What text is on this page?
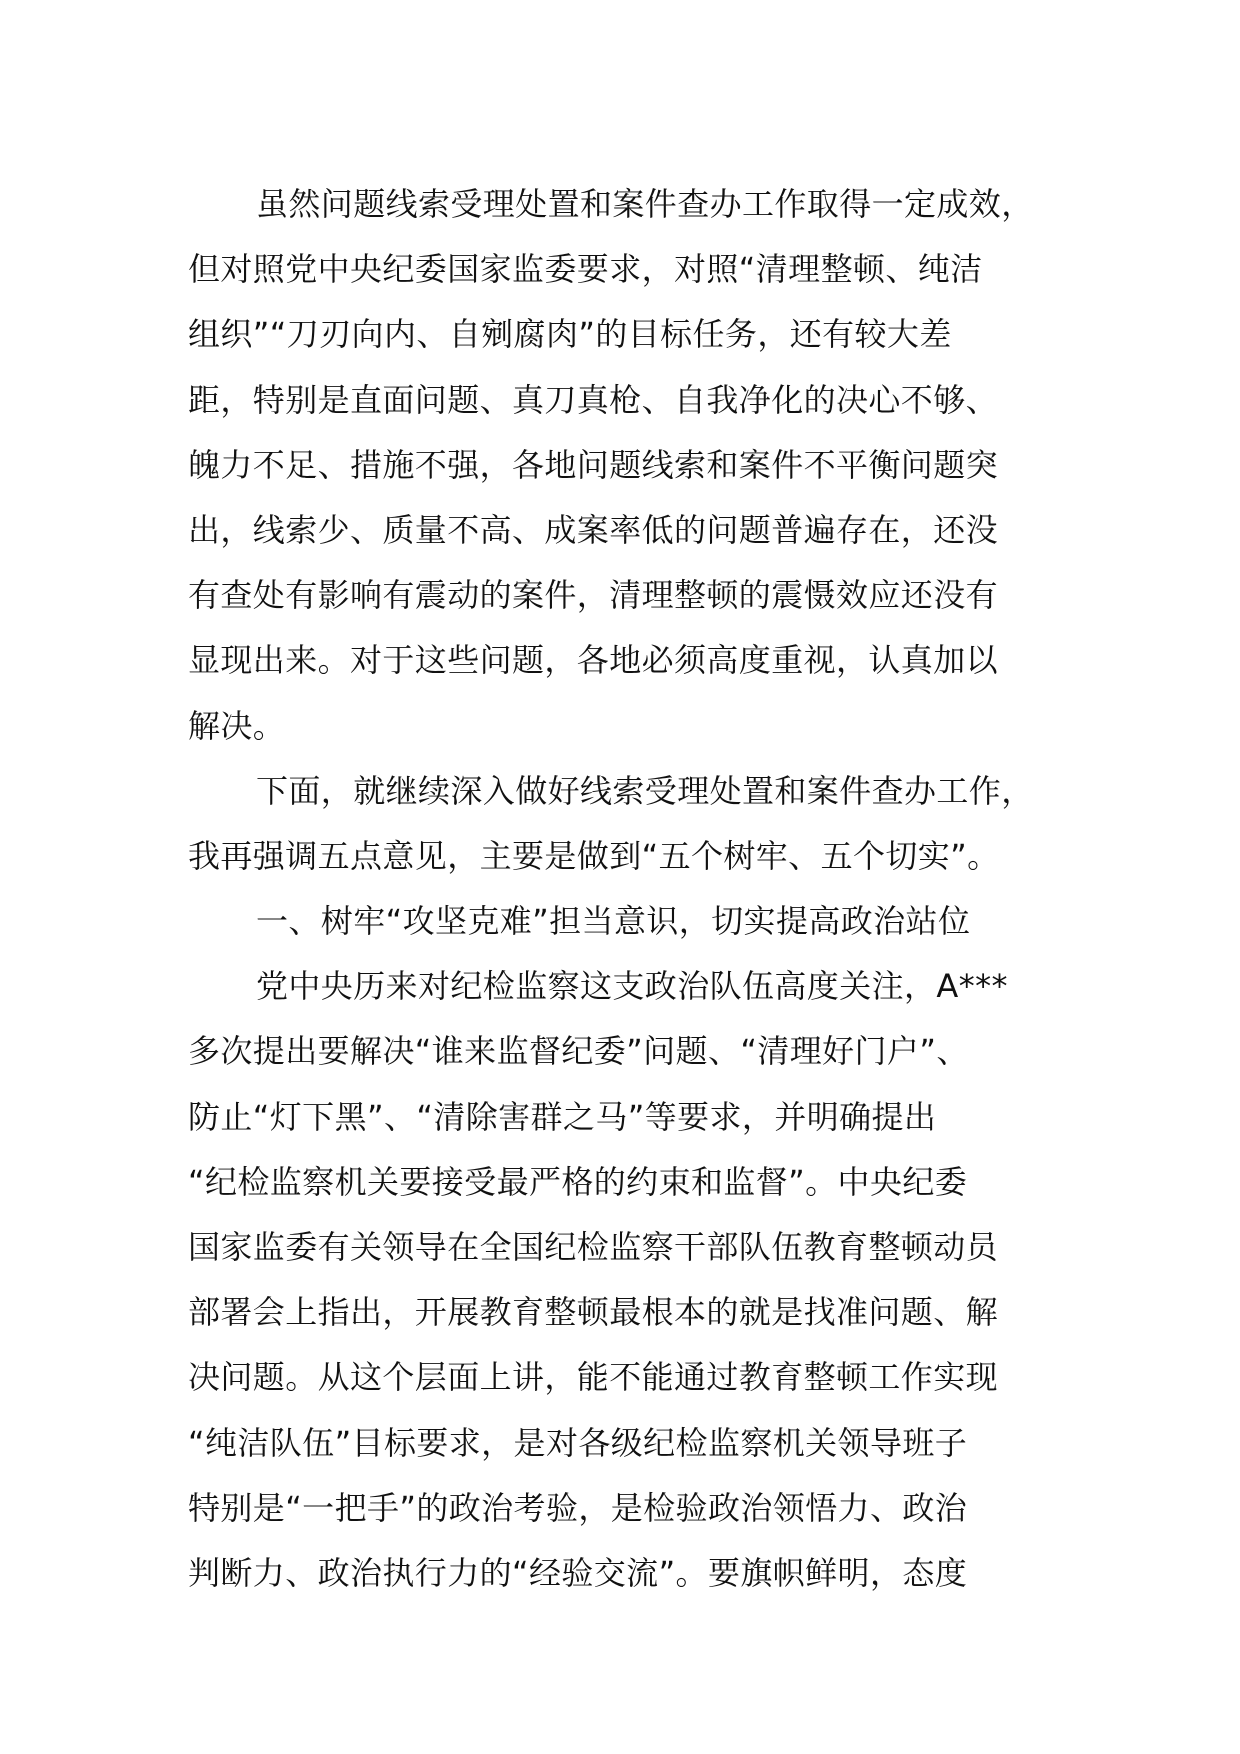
虽然问题线索受理处置和案件查办工作取得一定成效，
但对照党中央纪委国家监委要求，对照“清理整顿、纯洁
组织”“刀刃向内、自剜腐肉”的目标任务，还有较大差
距，特别是直面问题、真刀真枪、自我净化的决心不够、
魄力不足、措施不强，各地问题线索和案件不平衡问题突
出，线索少、质量不高、成案率低的问题普遍存在，还没
有查处有影响有震动的案件，清理整顿的震慑效应还没有
显现出来。对于这些问题，各地必须高度重视，认真加以
解决。
下面，就继续深入做好线索受理处置和案件查办工作，
我再强调五点意见，主要是做到“五个树牢、五个切实”。
一、树牢“攻坚克难”担当意识，切实提高政治站位
党中央历来对纪检监察这支政治队伍高度关注，A***
多次提出要解决“谁来监督纪委”问题、“清理好门户”、
防止“灯下黑”、“清除害群之马”等要求，并明确提出
“纪检监察机关要接受最严格的约束和监督”。中央纪委
国家监委有关领导在全国纪检监察干部队伍教育整顿动员
部署会上指出，开展教育整顿最根本的就是找准问题、解
决问题。从这个层面上讲，能不能通过教育整顿工作实现
“纯洁队伍”目标要求，是对各级纪检监察机关领导班子
特别是“一把手”的政治考验，是检验政治领悟力、政治
判断力、政治执行力的“经验交流”。要旗帜鲜明，态度
